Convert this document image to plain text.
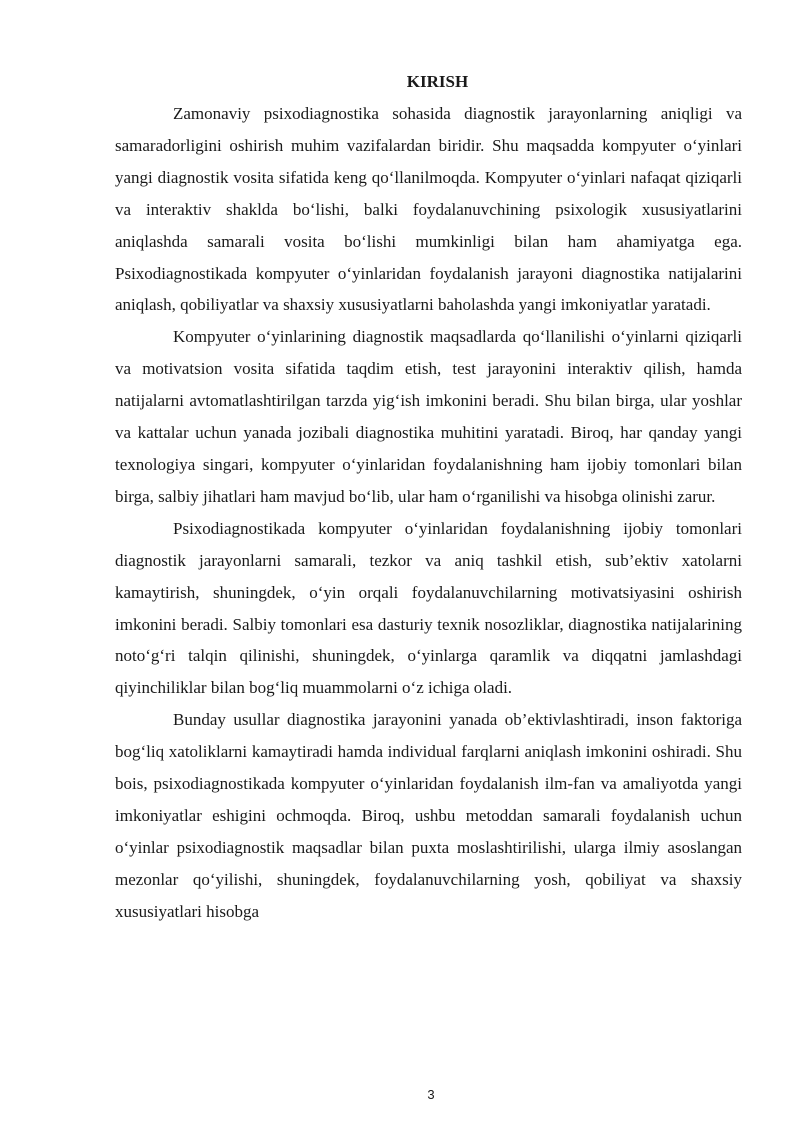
KIRISH

Zamonaviy psixodiagnostika sohasida diagnostik jarayonlarning aniqligi va samaradorligini oshirish muhim vazifalardan biridir. Shu maqsadda kompyuter o‘yinlari yangi diagnostik vosita sifatida keng qo‘llanilmoqda. Kompyuter o‘yinlari nafaqat qiziqarli va interaktiv shaklda bo‘lishi, balki foydalanuvchining psixologik xususiyatlarini aniqlashda samarali vosita bo‘lishi mumkinligi bilan ham ahamiyatga ega. Psixodiagnostikada kompyuter o‘yinlaridan foydalanish jarayoni diagnostika natijalarini aniqlash, qobiliyatlar va shaxsiy xususiyatlarni baholashda yangi imkoniyatlar yaratadi.

Kompyuter o‘yinlarining diagnostik maqsadlarda qo‘llanilishi o‘yinlarni qiziqarli va motivatsion vosita sifatida taqdim etish, test jarayonini interaktiv qilish, hamda natijalarni avtomatlashtirilgan tarzda yig‘ish imkonini beradi. Shu bilan birga, ular yoshlar va kattalar uchun yanada jozibali diagnostika muhitini yaratadi. Biroq, har qanday yangi texnologiya singari, kompyuter o‘yinlaridan foydalanishning ham ijobiy tomonlari bilan birga, salbiy jihatlari ham mavjud bo‘lib, ular ham o‘rganilishi va hisobga olinishi zarur.

Psixodiagnostikada kompyuter o‘yinlaridan foydalanishning ijobiy tomonlari diagnostik jarayonlarni samarali, tezkor va aniq tashkil etish, sub’ektiv xatolarni kamaytirish, shuningdek, o‘yin orqali foydalanuvchilarning motivatsiyasini oshirish imkonini beradi. Salbiy tomonlari esa dasturiy texnik nosozliklar, diagnostika natijalarining noto‘g‘ri talqin qilinishi, shuningdek, o‘yinlarga qaramlik va diqqatni jamlashdagi qiyinchiliklar bilan bog‘liq muammolarni o‘z ichiga oladi.

Bunday usullar diagnostika jarayonini yanada ob’ektivlashtiradi, inson faktoriga bog‘liq xatoliklarni kamaytiradi hamda individual farqlarni aniqlash imkonini oshiradi. Shu bois, psixodiagnostikada kompyuter o‘yinlaridan foydalanish ilm-fan va amaliyotda yangi imkoniyatlar eshigini ochmoqda. Biroq, ushbu metoddan samarali foydalanish uchun o‘yinlar psixodiagnostik maqsadlar bilan puxta moslashtirilishi, ularga ilmiy asoslangan mezonlar qo‘yilishi, shuningdek, foydalanuvchilarning yosh, qobiliyat va shaxsiy xususiyatlari hisobga

3
